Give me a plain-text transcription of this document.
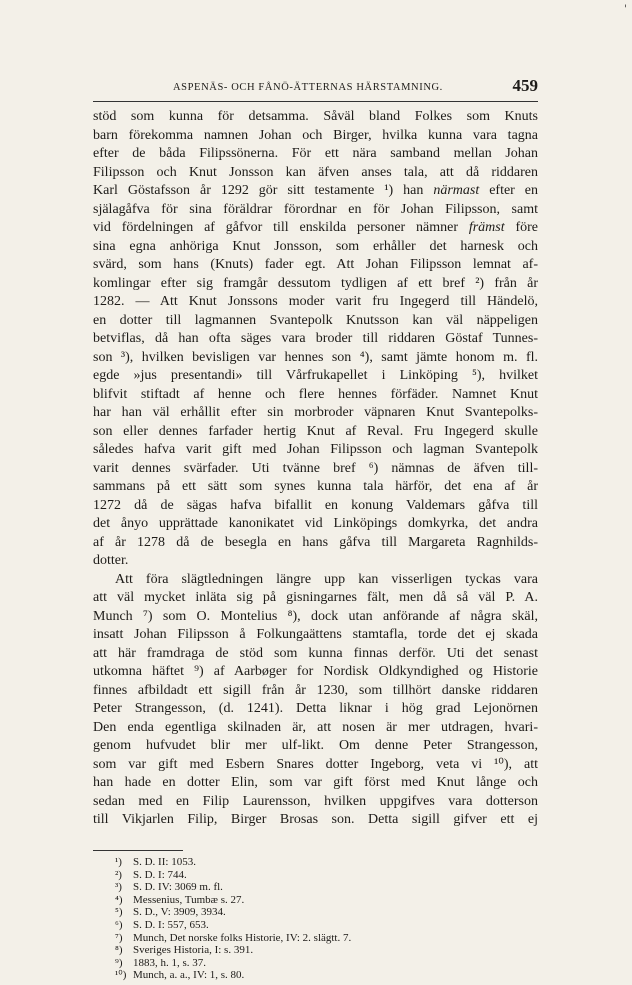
'
ASPENÄS- OCH FÅNÖ-ÄTTERNAS HÄRSTAMNING.	459

stöd som kunna för detsamma. Såväl bland Folkes som Knuts
barn förekomma namnen Johan och Birger, hvilka kunna vara tagna
efter de båda Filipssönerna. För ett nära samband mellan Johan
Filipsson och Knut Jonsson kan äfven anses tala, att då riddaren
Karl Göstafsson år 1292 gör sitt testamente ¹) han närmast efter en
själagåfva för sina föräldrar förordnar en för Johan Filipsson, samt
vid fördelningen af gåfvor till enskilda personer nämner främst före
sina egna anhöriga Knut Jonsson, som erhåller det harnesk och
svärd, som hans (Knuts) fader egt. Att Johan Filipsson lemnat af-
komlingar efter sig framgår dessutom tydligen af ett bref ²) från år
1282. — Att Knut Jonssons moder varit fru Ingegerd till Händelö,
en dotter till lagmannen Svantepolk Knutsson kan väl näppeligen
betviflas, då han ofta säges vara broder till riddaren Göstaf Tunnes-
son ³), hvilken bevisligen var hennes son ⁴), samt jämte honom m. fl.
egde »jus presentandi» till Vårfrukapellet i Linköping ⁵), hvilket
blifvit stiftadt af henne och flere hennes förfäder. Namnet Knut
har han väl erhållit efter sin morbroder väpnaren Knut Svantepolks-
son eller dennes farfader hertig Knut af Reval. Fru Ingegerd skulle
således hafva varit gift med Johan Filipsson och lagman Svantepolk
varit dennes svärfader. Uti tvänne bref ⁶) nämnas de äfven till-
sammans på ett sätt som synes kunna tala härför, det ena af år
1272 då de sägas hafva bifallit en konung Valdemars gåfva till
det ånyo upprättade kanonikatet vid Linköpings domkyrka, det andra
af år 1278 då de besegla en hans gåfva till Margareta Ragnhilds-
dotter.

Att föra slägtledningen längre upp kan visserligen tyckas vara
att väl mycket inläta sig på gisningarnes fält, men då så väl P. A.
Munch ⁷) som O. Montelius ⁸), dock utan anförande af några skäl,
insatt Johan Filipsson å Folkungaättens stamtafla, torde det ej skada
att här framdraga de stöd som kunna finnas derför. Uti det senast
utkomna häftet ⁹) af Aarbøger for Nordisk Oldkyndighed og Historie
finnes afbildadt ett sigill från år 1230, som tillhört danske riddaren
Peter Strangesson, (d. 1241). Detta liknar i hög grad Lejonörnen
Den enda egentliga skilnaden är, att nosen är mer utdragen, hvari-
genom hufvudet blir mer ulf-likt. Om denne Peter Strangesson,
som var gift med Esbern Snares dotter Ingeborg, veta vi ¹⁰), att
han hade en dotter Elin, som var gift först med Knut långe och
sedan med en Filip Laurensson, hvilken uppgifves vara dotterson
till Vikjarlen Filip, Birger Brosas son. Detta sigill gifver ett ej

¹) S. D. II: 1053.
²) S. D. I: 744.
³) S. D. IV: 3069 m. fl.
⁴) Messenius, Tumbæ s. 27.
⁵) S. D., V: 3909, 3934.
⁶) S. D. I: 557, 653.
⁷) Munch, Det norske folks Historie, IV: 2. slägtt. 7.
⁸) Sveriges Historia, I: s. 391.
⁹) 1883, h. 1, s. 37.
¹⁰) Munch, a. a., IV: 1, s. 80.
